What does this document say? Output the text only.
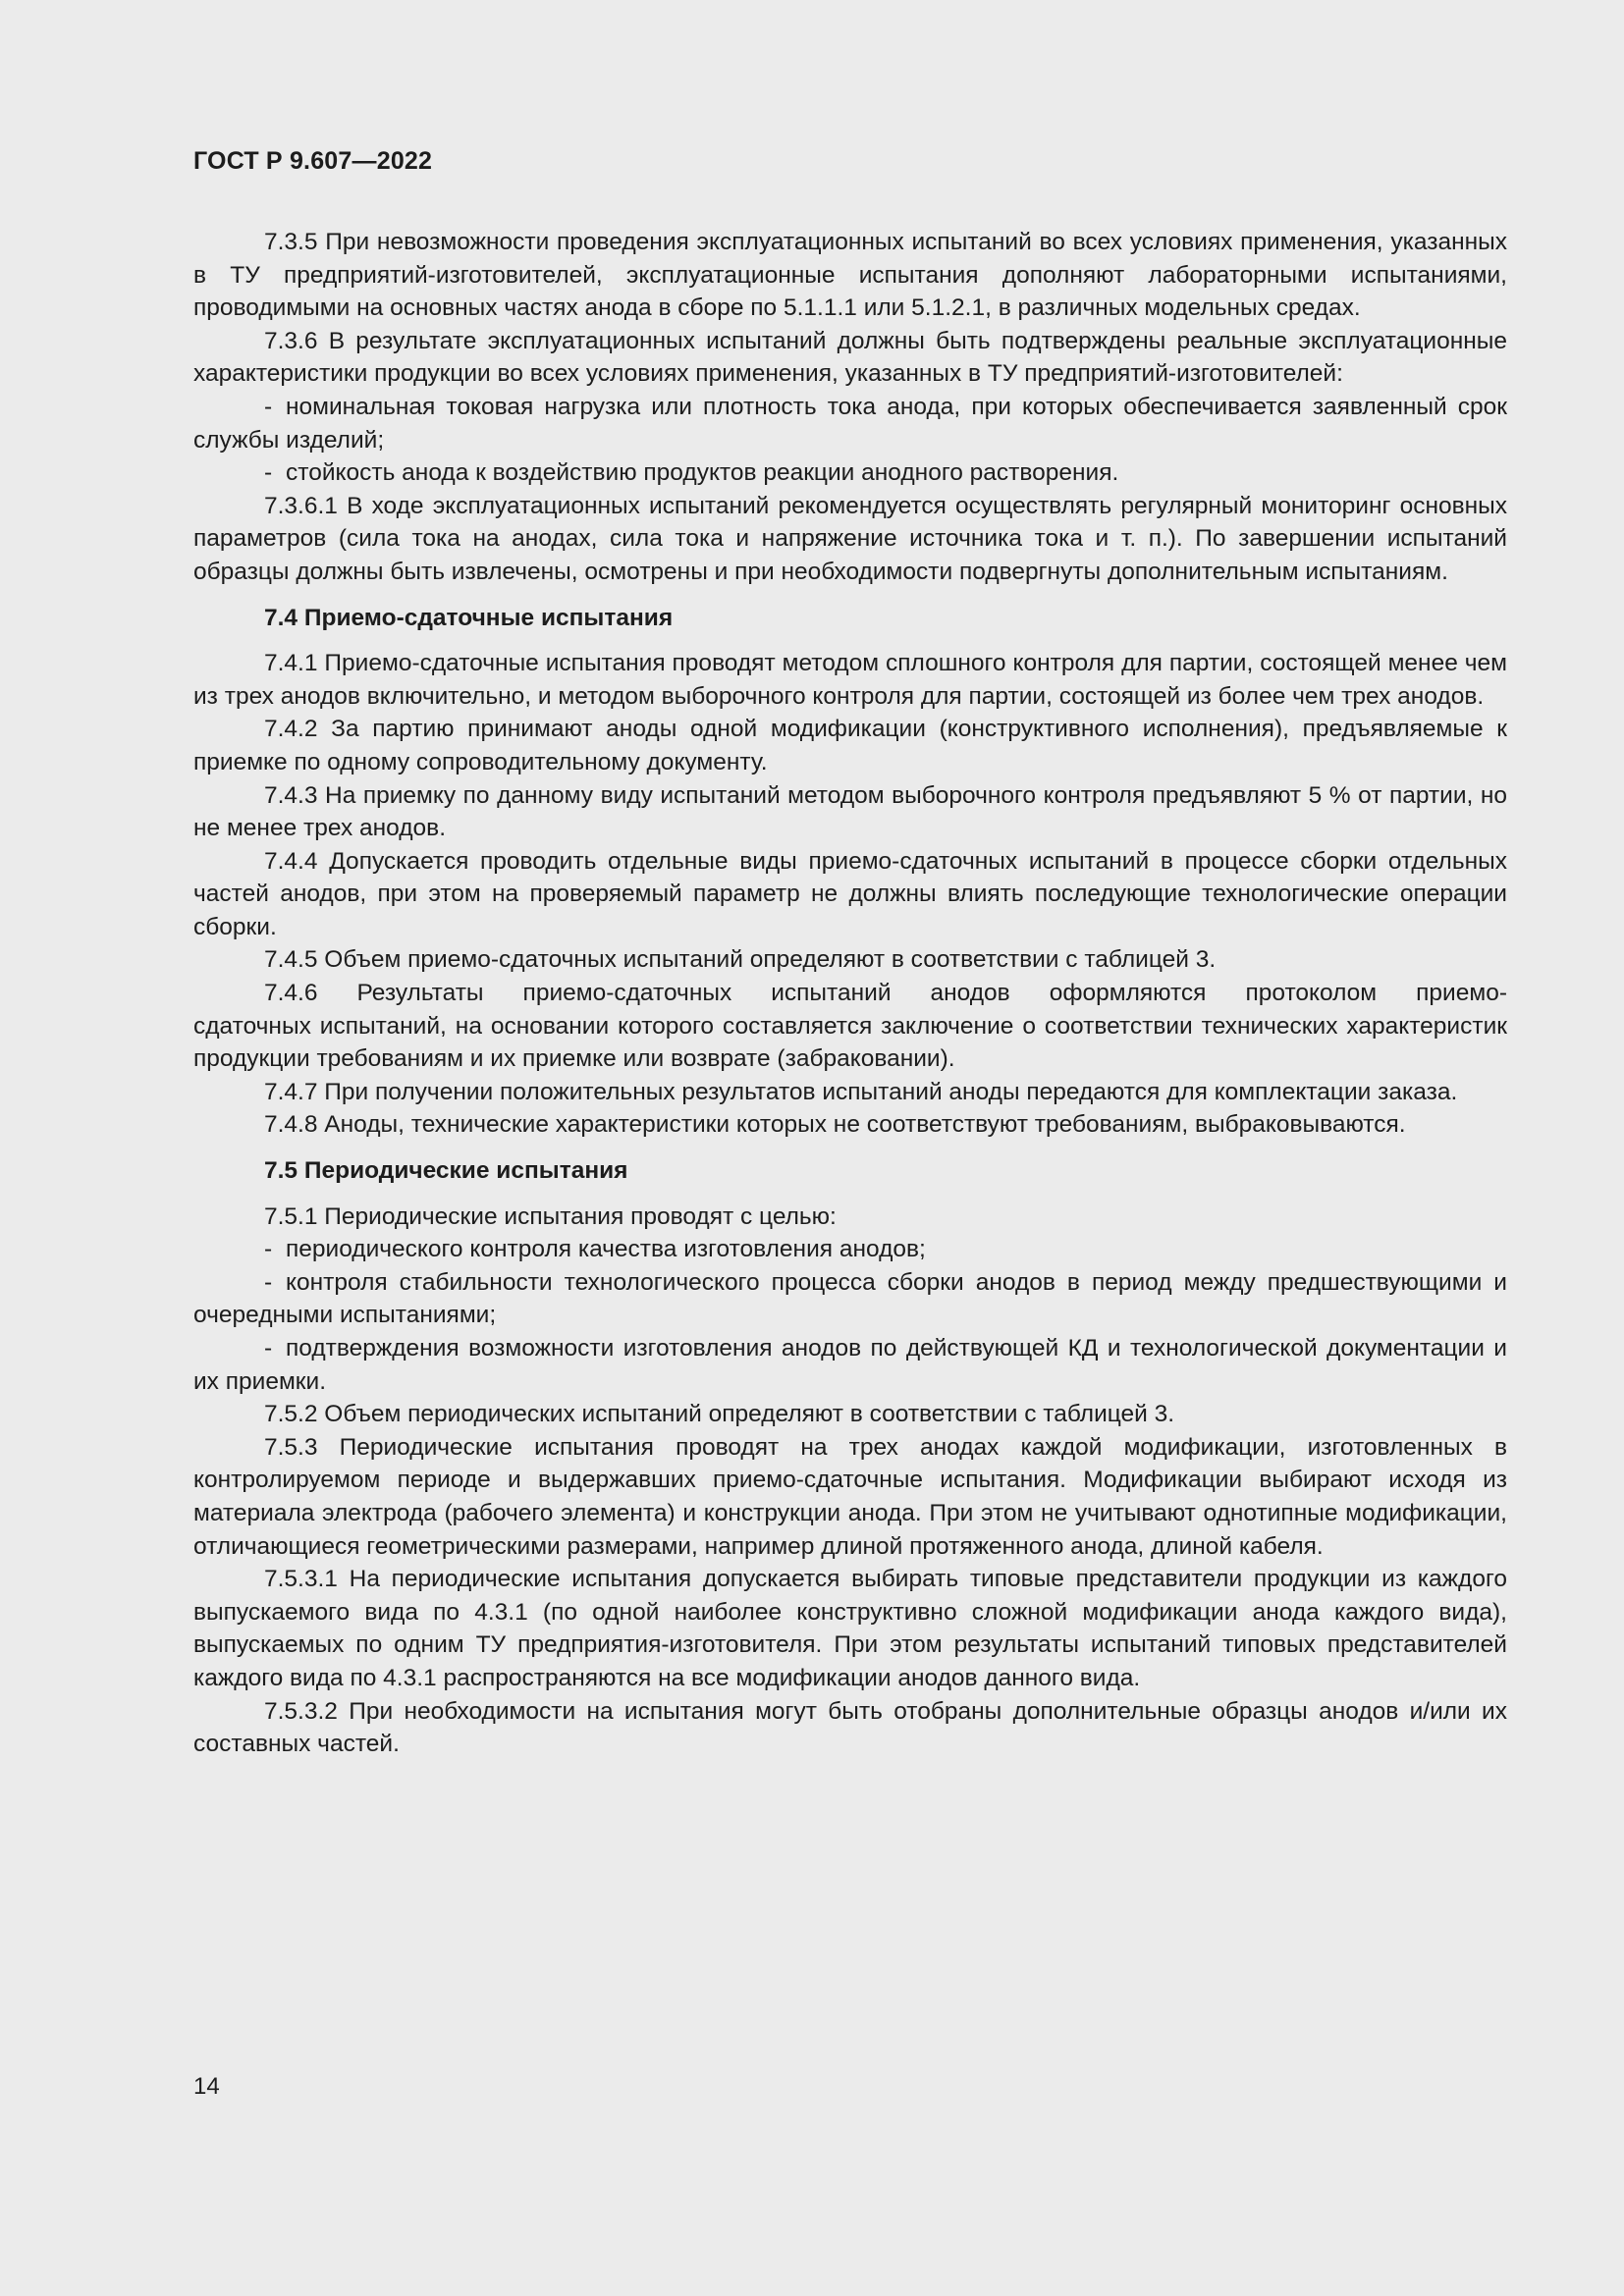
ГОСТ Р 9.607—2022

7.3.5 При невозможности проведения эксплуатационных испытаний во всех условиях применения, указанных в ТУ предприятий-изготовителей, эксплуатационные испытания дополняют лабораторными испытаниями, проводимыми на основных частях анода в сборе по 5.1.1.1 или 5.1.2.1, в различных модельных средах.

7.3.6 В результате эксплуатационных испытаний должны быть подтверждены реальные эксплуатационные характеристики продукции во всех условиях применения, указанных в ТУ предприятий-изготовителей:

- номинальная токовая нагрузка или плотность тока анода, при которых обеспечивается заявленный срок службы изделий;

- стойкость анода к воздействию продуктов реакции анодного растворения.

7.3.6.1 В ходе эксплуатационных испытаний рекомендуется осуществлять регулярный мониторинг основных параметров (сила тока на анодах, сила тока и напряжение источника тока и т. п.). По завершении испытаний образцы должны быть извлечены, осмотрены и при необходимости подвергнуты дополнительным испытаниям.

7.4 Приемо-сдаточные испытания

7.4.1 Приемо-сдаточные испытания проводят методом сплошного контроля для партии, состоящей менее чем из трех анодов включительно, и методом выборочного контроля для партии, состоящей из более чем трех анодов.

7.4.2 За партию принимают аноды одной модификации (конструктивного исполнения), предъявляемые к приемке по одному сопроводительному документу.

7.4.3 На приемку по данному виду испытаний методом выборочного контроля предъявляют 5 % от партии, но не менее трех анодов.

7.4.4 Допускается проводить отдельные виды приемо-сдаточных испытаний в процессе сборки отдельных частей анодов, при этом на проверяемый параметр не должны влиять последующие технологические операции сборки.

7.4.5 Объем приемо-сдаточных испытаний определяют в соответствии с таблицей 3.

7.4.6 Результаты приемо-сдаточных испытаний анодов оформляются протоколом приемо-

сдаточных испытаний, на основании которого составляется заключение о соответствии технических характеристик продукции требованиям и их приемке или возврате (забраковании).

7.4.7 При получении положительных результатов испытаний аноды передаются для комплектации заказа.

7.4.8 Аноды, технические характеристики которых не соответствуют требованиям, выбраковываются.

7.5 Периодические испытания

7.5.1 Периодические испытания проводят с целью:

- периодического контроля качества изготовления анодов;

- контроля стабильности технологического процесса сборки анодов в период между предшествующими и очередными испытаниями;

- подтверждения возможности изготовления анодов по действующей КД и технологической документации и их приемки.

7.5.2 Объем периодических испытаний определяют в соответствии с таблицей 3.

7.5.3 Периодические испытания проводят на трех анодах каждой модификации, изготовленных в контролируемом периоде и выдержавших приемо-сдаточные испытания. Модификации выбирают исходя из материала электрода (рабочего элемента) и конструкции анода. При этом не учитывают однотипные модификации, отличающиеся геометрическими размерами, например длиной протяженного анода, длиной кабеля.

7.5.3.1 На периодические испытания допускается выбирать типовые представители продукции из каждого выпускаемого вида по 4.3.1 (по одной наиболее конструктивно сложной модификации анода каждого вида), выпускаемых по одним ТУ предприятия-изготовителя. При этом результаты испытаний типовых представителей каждого вида по 4.3.1 распространяются на все модификации анодов данного вида.

7.5.3.2 При необходимости на испытания могут быть отобраны дополнительные образцы анодов и/или их составных частей.

14
